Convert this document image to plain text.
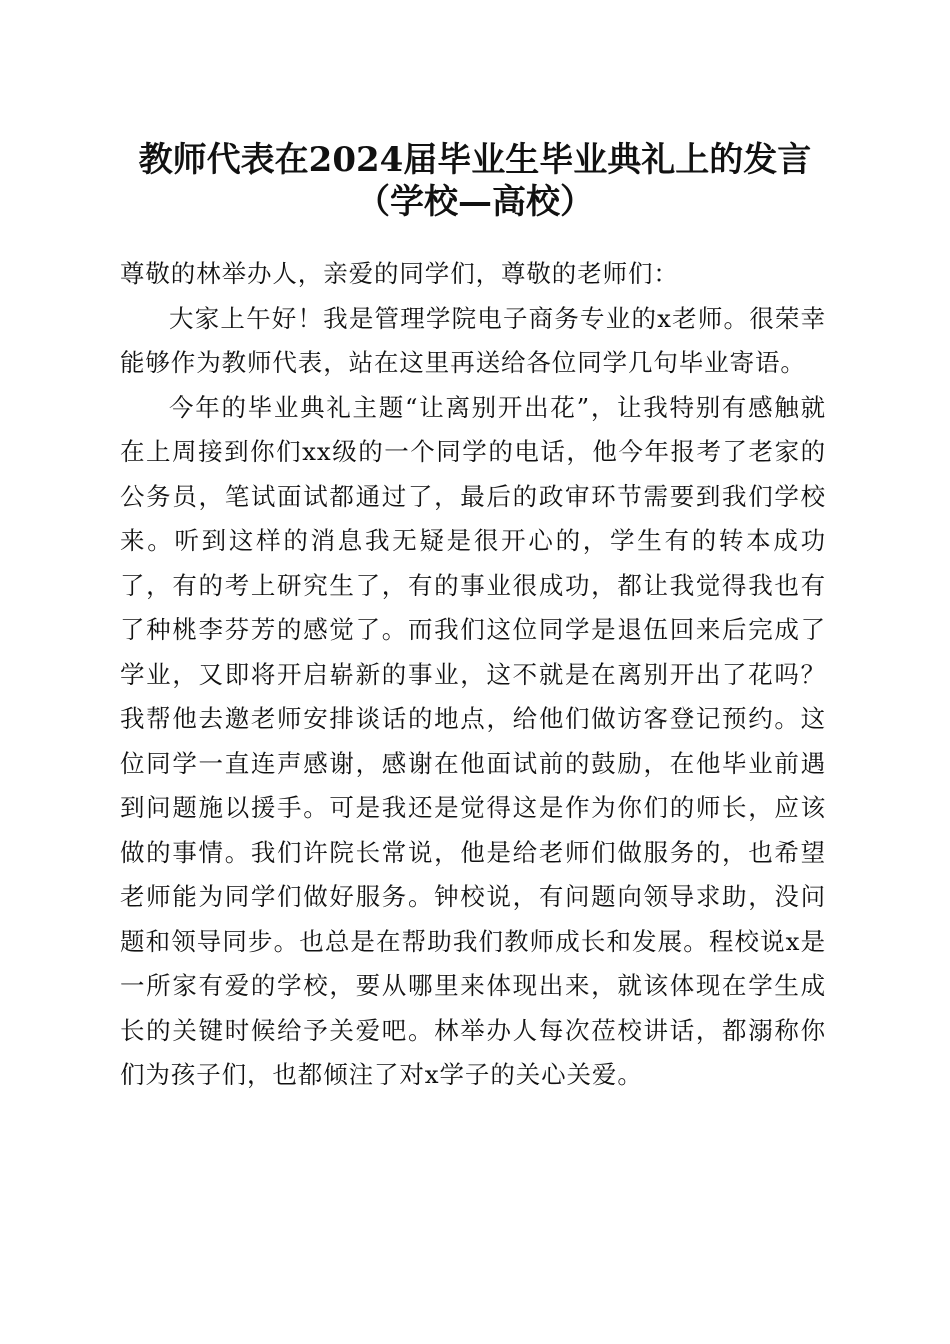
教师代表在2024届毕业生毕业典礼上的发言
（学校—高校）

尊敬的林举办人，亲爱的同学们，尊敬的老师们：

大家上午好！我是管理学院电子商务专业的x老师。很荣幸能够作为教师代表，站在这里再送给各位同学几句毕业寄语。

今年的毕业典礼主题“让离别开出花”，让我特别有感触就在上周接到你们xx级的一个同学的电话，他今年报考了老家的公务员，笔试面试都通过了，最后的政审环节需要到我们学校来。听到这样的消息我无疑是很开心的，学生有的转本成功了，有的考上研究生了，有的事业很成功，都让我觉得我也有了种桃李芬芳的感觉了。而我们这位同学是退伍回来后完成了学业，又即将开启崭新的事业，这不就是在离别开出了花吗？我帮他去邀老师安排谈话的地点，给他们做访客登记预约。这位同学一直连声感谢，感谢在他面试前的鼓励，在他毕业前遇到问题施以援手。可是我还是觉得这是作为你们的师长，应该做的事情。我们许院长常说，他是给老师们做服务的，也希望老师能为同学们做好服务。钟校说，有问题向领导求助，没问题和领导同步。也总是在帮助我们教师成长和发展。程校说x是一所家有爱的学校，要从哪里来体现出来，就该体现在学生成长的关键时候给予关爱吧。林举办人每次莅校讲话，都溺称你们为孩子们，也都倾注了对x学子的关心关爱。
